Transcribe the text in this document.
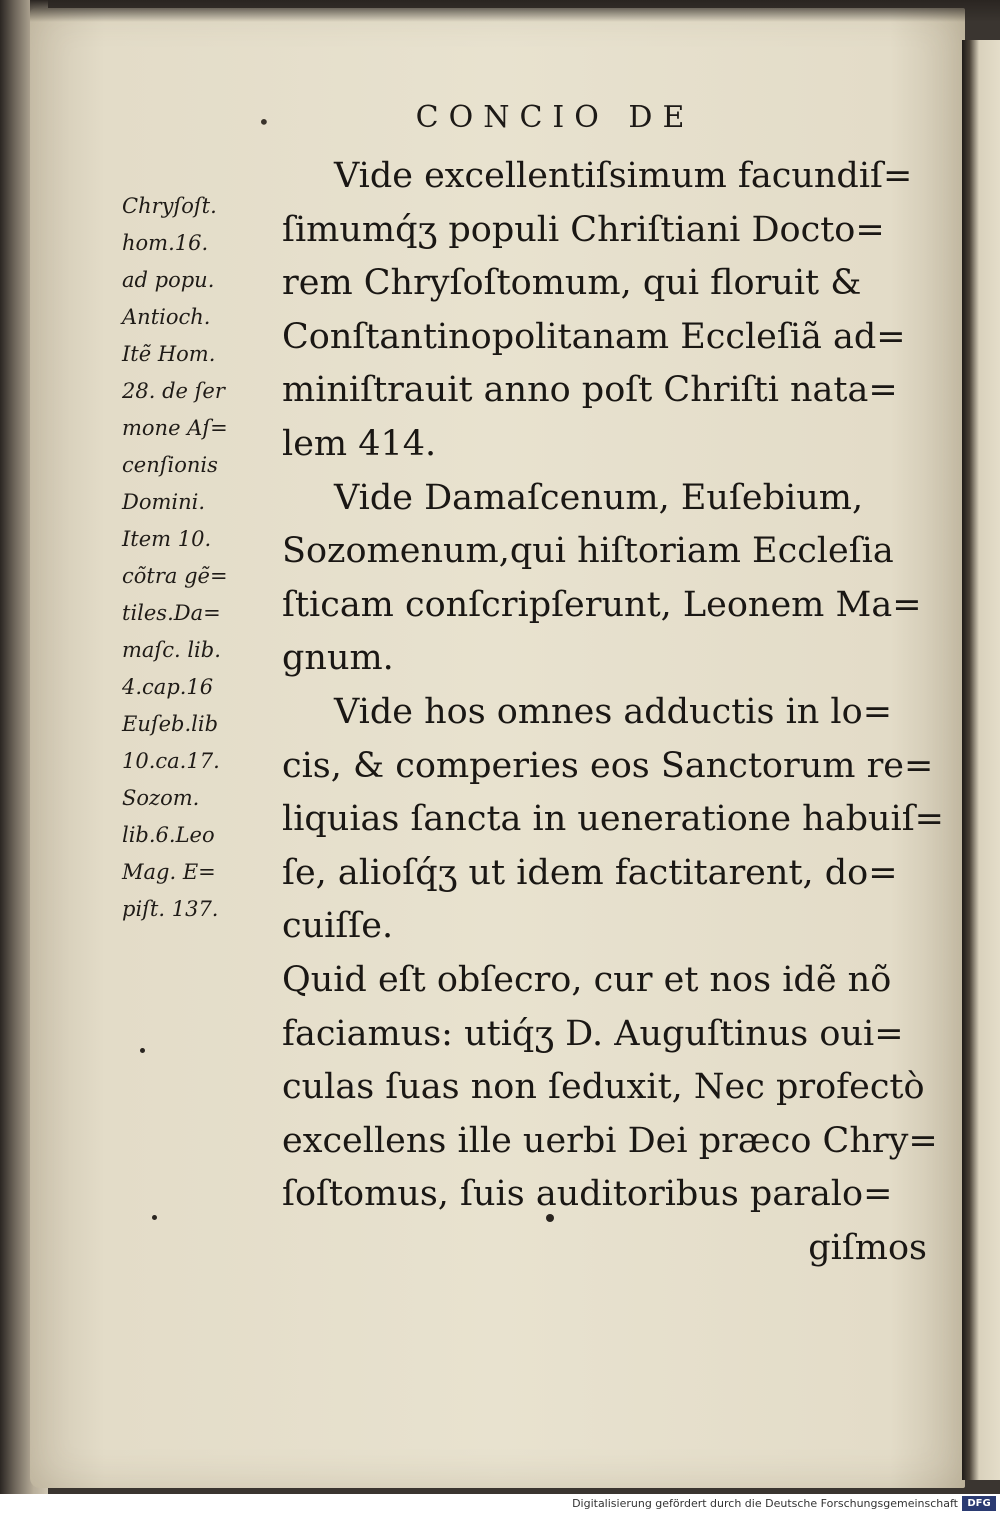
•	CONCIO DE
Chryſoſt.
hom.16.
ad popu.
Antioch.
Itẽ Hom.
28. de ſer
mone Aſ=
cenſionis
Domini.
Item 10.
cõtra gẽ=
tiles.Da=
maſc. lib.
4.cap.16
Euſeb.lib
10.ca.17.
Sozom.
lib.6.Leo
Mag. E=
piſt. 137.
Vide excellentiſsimum facundiſ=
ſimumq́ʒ populi Chriſtiani Docto=
rem Chryſoſtomum, qui floruit &
Conſtantinopolitanam Eccleſiã ad=
miniſtrauit anno poſt Chriſti nata=
lem 414.
Vide Damaſcenum, Euſebium,
Sozomenum,qui hiſtoriam Eccleſia
ſticam conſcripſerunt, Leonem Ma=
gnum.
Vide hos omnes adductis in lo=
cis, & comperies eos Sanctorum re=
liquias ſancta in ueneratione habuiſ=
ſe, alioſq́ʒ ut idem factitarent, do=
cuiſſe.
Quid eſt obſecro, cur et nos idẽ nõ
faciamus: utiq́ʒ D. Auguſtinus oui=
culas ſuas non ſeduxit, Nec profectò
excellens ille uerbi Dei præco Chry=
ſoſtomus, ſuis auditoribus paralo=
giſmos
Digitalisierung gefördert durch die Deutsche Forschungsgemeinschaft DFG
